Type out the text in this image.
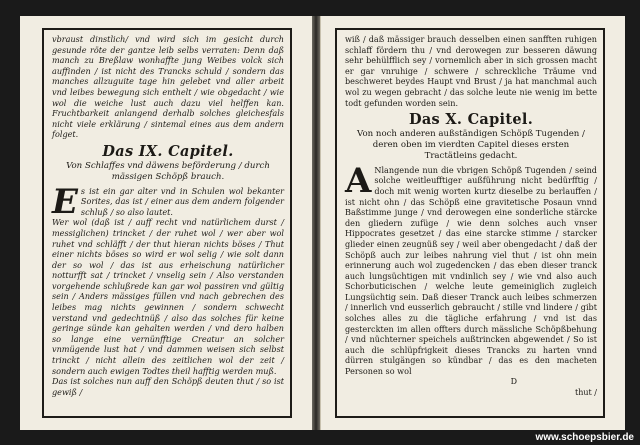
vbraust dinstlich/ vnd wird sich im gesicht durch gesunde röte der gantze leib selbs verraten: Denn daß manch zu Breßlaw wonhaffte jung Weibes volck sich auffinden / ist nicht des Trancks schuld / sondern das manches allzuguite tage hin gelebet vnd aller arbeit vnd leibes bewegung sich enthelt / wie obgedacht / wie wol die weiche lust auch dazu viel helffen kan. Fruchtbarkeit anlangend derhalb solches gleichesfals nicht viele erklärung / sintemal eines aus dem andern folget.

Das IX. Capitel.
Von Schlaffes vnd däwens beförderung / durch mässigen Schöpß brauch.

Es ist ein gar alter vnd in Schulen wol bekanter Sorites, das ist / einer aus dem andern folgender schluß / so also lautet.

Wer wol (daß ist / auff recht vnd natürlichem durst / messiglichen) trincket / der ruhet wol / wer aber wol ruhet vnd schläfft / der thut hieran nichts böses / Thut einer nichts böses so wird er wol selig / wie solt dann der so wol / das ist aus erheischung natürlicher notturfft sat / trincket / vnselig sein / Also verstanden vorgehende schlußrede kan gar wol passiren vnd gültig sein / Anders mässiges füllen vnd nach gebrechen des leibes mag nichts gewinnen / sondern schwecht verstand vnd gedechtnüß / also das solches für keine geringe sünde kan gehalten werden / vnd dero halben so lange eine vernünfftige Creatur an solcher vnmügende lust hat / vnd dammen weisen sich selbst trinckt / nicht allein des zeitlichen wol der zeit / sondern auch ewigen Todtes theil hafftig werden muß.

Das ist solches nun auff den Schöpß deuten thut / so ist gewiß /

wiß / daß mässiger brauch desselben einen sanfften ruhigen schlaff fördern thu / vnd derowegen zur besseren däwung sehr behülfflich sey / vornemlich aber in sich grossen macht er gar vnruhige / schwere / schreckliche Träume vnd beschweret beydes Haupt vnd Brust / ja hat manchmal auch wol zu wegen gebracht / das solche leute nie wenig im bette todt gefunden worden sein.

Das X. Capitel.
Von noch anderen außständigen Schöpß Tugenden / deren oben im vierdten Capitel dieses ersten Tractätleins gedacht.

A Nlangende nun die vbrigen Schöpß Tugenden / seind solche weitleufftiger außführung nicht bedürfftig / doch mit wenig worten kurtz dieselbe zu berlauffen / ist nicht ohn / das Schöpß eine gravitetische Posaun vnnd Baßstimme junge / vnd derowegen eine sonderliche stärcke den gliedern zufüge / wie denn solches auch vnser Hippocrates gesetzet / das eine starcke stimme / starcker glieder einen zeugnüß sey / weil aber obengedacht / daß der Schöpß auch zur leibes nahrung viel thut / ist ohn mein erinnerung auch wol zugedencken / das eben dieser tranck auch lungsüchtigen mit vndinlich sey / wie vnd also auch Schorbuticischen / welche leute gemeiniglich zugleich Lungsüchtig sein. Daß dieser Tranck auch leibes schmerzen / innerlich vnd eusserlich gebraucht / stille vnd lindere / gibt solches alles zu die tägliche erfahrung / vnd ist das gesterckten im allen offters durch mässliche Schöpßbehung / vnd nüchterner speichels außtrincken abgewendet / So ist auch die schlüpfrigkeit dieses Trancks zu harten vnnd dürren stulgängen so kündbar / das es den macheten Personen so wol

D
thut /
www.schoepsbier.de
